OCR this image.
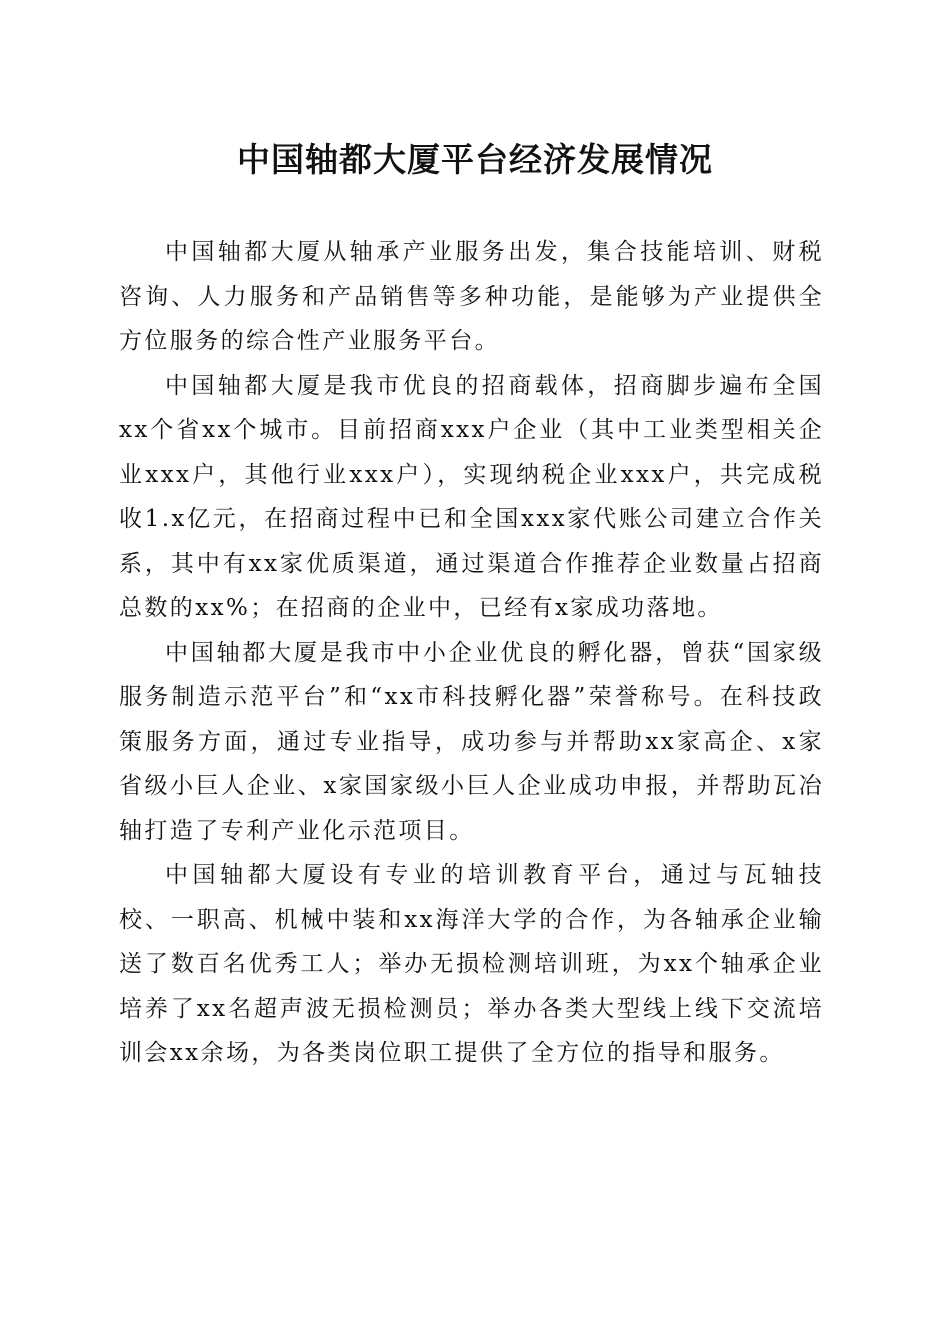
中国轴都大厦平台经济发展情况

中国轴都大厦从轴承产业服务出发，集合技能培训、财税咨询、人力服务和产品销售等多种功能，是能够为产业提供全方位服务的综合性产业服务平台。

中国轴都大厦是我市优良的招商载体，招商脚步遍布全国xx个省xx个城市。目前招商xxx户企业（其中工业类型相关企业xxx户，其他行业xxx户），实现纳税企业xxx户，共完成税收1.x亿元，在招商过程中已和全国xxx家代账公司建立合作关系，其中有xx家优质渠道，通过渠道合作推荐企业数量占招商总数的xx%；在招商的企业中，已经有x家成功落地。

中国轴都大厦是我市中小企业优良的孵化器，曾获“国家级服务制造示范平台”和“xx市科技孵化器”荣誉称号。在科技政策服务方面，通过专业指导，成功参与并帮助xx家高企、x家省级小巨人企业、x家国家级小巨人企业成功申报，并帮助瓦冶轴打造了专利产业化示范项目。

中国轴都大厦设有专业的培训教育平台，通过与瓦轴技校、一职高、机械中装和xx海洋大学的合作，为各轴承企业输送了数百名优秀工人；举办无损检测培训班，为xx个轴承企业培养了xx名超声波无损检测员；举办各类大型线上线下交流培训会xx余场，为各类岗位职工提供了全方位的指导和服务。
